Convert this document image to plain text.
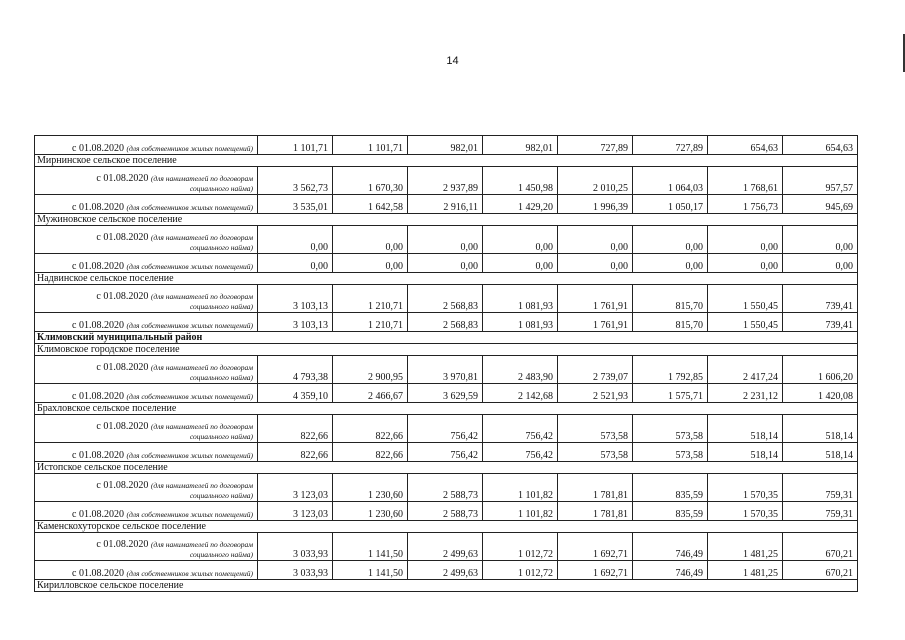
14
с 01.08.2020 (для собственников жилых помещений)	1 101,71	1 101,71	982,01	982,01	727,89	727,89	654,63	654,63
Мирнинское сельское поселение								

с 01.08.2020 (для нанимателей по договорам
социального найма)	3 562,73	1 670,30	2 937,89	1 450,98	2 010,25	1 064,03	1 768,61	957,57
с 01.08.2020 (для собственников жилых помещений)	3 535,01	1 642,58	2 916,11	1 429,20	1 996,39	1 050,17	1 756,73	945,69
Мужиновское сельское поселение								

с 01.08.2020 (для нанимателей по договорам
социального найма)	0,00	0,00	0,00	0,00	0,00	0,00	0,00	0,00
с 01.08.2020 (для собственников жилых помещений)	0,00	0,00	0,00	0,00	0,00	0,00	0,00	0,00
Надвинское сельское поселение								

с 01.08.2020 (для нанимателей по договорам
социального найма)	3 103,13	1 210,71	2 568,83	1 081,93	1 761,91	815,70	1 550,45	739,41
с 01.08.2020 (для собственников жилых помещений)	3 103,13	1 210,71	2 568,83	1 081,93	1 761,91	815,70	1 550,45	739,41
Климовский муниципальный район								
Климовское городское поселение								

с 01.08.2020 (для нанимателей по договорам
социального найма)	4 793,38	2 900,95	3 970,81	2 483,90	2 739,07	1 792,85	2 417,24	1 606,20
с 01.08.2020 (для собственников жилых помещений)	4 359,10	2 466,67	3 629,59	2 142,68	2 521,93	1 575,71	2 231,12	1 420,08
Брахловское сельское поселение								

с 01.08.2020 (для нанимателей по договорам
социального найма)	822,66	822,66	756,42	756,42	573,58	573,58	518,14	518,14
с 01.08.2020 (для собственников жилых помещений)	822,66	822,66	756,42	756,42	573,58	573,58	518,14	518,14
Истопское сельское поселение								

с 01.08.2020 (для нанимателей по договорам
социального найма)	3 123,03	1 230,60	2 588,73	1 101,82	1 781,81	835,59	1 570,35	759,31
с 01.08.2020 (для собственников жилых помещений)	3 123,03	1 230,60	2 588,73	1 101,82	1 781,81	835,59	1 570,35	759,31
Каменскохуторское сельское поселение								

с 01.08.2020 (для нанимателей по договорам
социального найма)	3 033,93	1 141,50	2 499,63	1 012,72	1 692,71	746,49	1 481,25	670,21
с 01.08.2020 (для собственников жилых помещений)	3 033,93	1 141,50	2 499,63	1 012,72	1 692,71	746,49	1 481,25	670,21
Кирилловское сельское поселение								
